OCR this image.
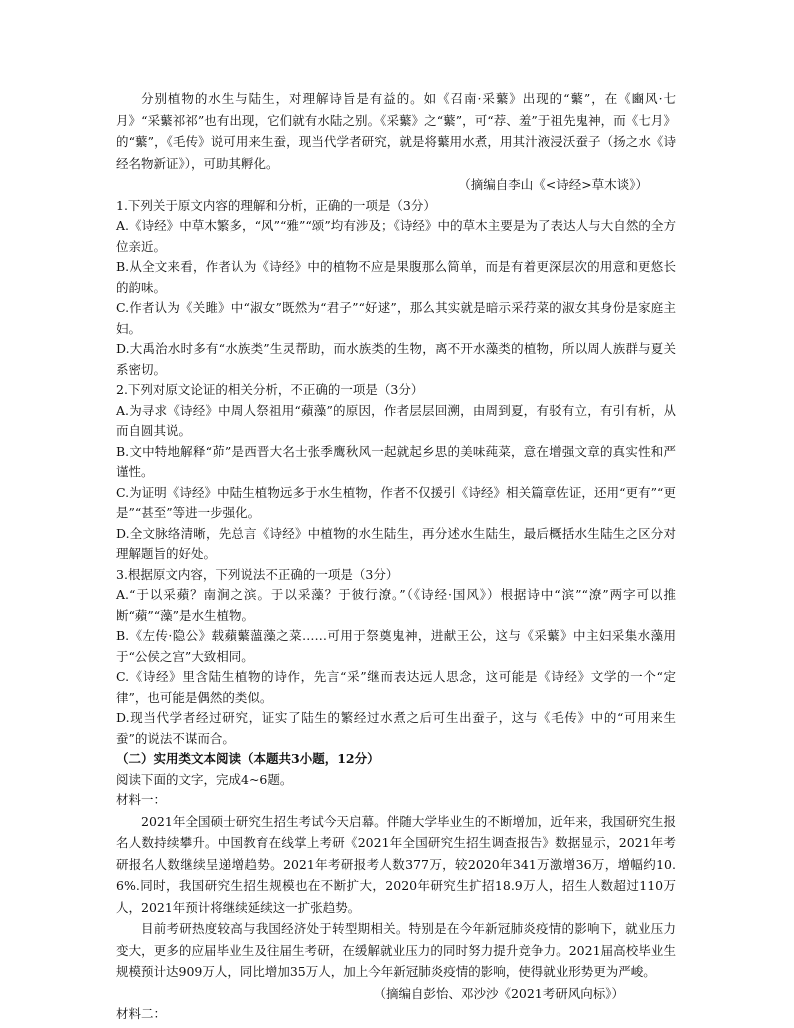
分别植物的水生与陆生，对理解诗旨是有益的。如《召南·采蘩》出现的“蘩”，在《豳风·七月》“采蘩祁祁”也有出现，它们就有水陆之别。《采蘩》之“蘩”，可“荐、羞”于祖先鬼神，而《七月》的“蘩”，《毛传》说可用来生蚕，现当代学者研究，就是将蘩用水煮，用其汁液浸沃蚕子（扬之水《诗经名物新证》），可助其孵化。

（摘编自李山《<诗经>草木谈》）

1.下列关于原文内容的理解和分析，正确的一项是（3分）

A.《诗经》中草木繁多，“风”“雅”“颂”均有涉及；《诗经》中的草木主要是为了表达人与大自然的全方位亲近。

B.从全文来看，作者认为《诗经》中的植物不应是果腹那么简单，而是有着更深层次的用意和更悠长的韵味。

C.作者认为《关雎》中“淑女”既然为“君子”“好逑”，那么其实就是暗示采荇菜的淑女其身份是家庭主妇。

D.大禹治水时多有“水族类”生灵帮助，而水族类的生物，离不开水藻类的植物，所以周人族群与夏关系密切。

2.下列对原文论证的相关分析，不正确的一项是（3分）

A.为寻求《诗经》中周人祭祖用“蘋藻”的原因，作者层层回溯，由周到夏，有驳有立，有引有析，从而自圆其说。

B.文中特地解释“茆”是西晋大名士张季鹰秋风一起就起乡思的美味莼菜，意在增强文章的真实性和严谨性。

C.为证明《诗经》中陆生植物远多于水生植物，作者不仅援引《诗经》相关篇章佐证，还用“更有”“更是”“甚至”等进一步强化。

D.全文脉络清晰，先总言《诗经》中植物的水生陆生，再分述水生陆生，最后概括水生陆生之区分对理解题旨的好处。

3.根据原文内容，下列说法不正确的一项是（3分）

A.“于以采蘋？南涧之滨。于以采藻？于彼行潦。”（《诗经·国风》）根据诗中“滨”“潦”两字可以推断“蘋”“藻”是水生植物。

B.《左传·隐公》载蘋蘩薀藻之菜……可用于祭奠鬼神，进献王公，这与《采蘩》中主妇采集水藻用于“公侯之宫”大致相同。

C.《诗经》里含陆生植物的诗作，先言“采”继而表达远人思念，这可能是《诗经》文学的一个“定律”，也可能是偶然的类似。

D.现当代学者经过研究，证实了陆生的繁经过水煮之后可生出蚕子，这与《毛传》中的“可用来生蚕”的说法不谋而合。

（二）实用类文本阅读（本题共3小题，12分）

阅读下面的文字，完成4~6题。

材料一：

2021年全国硕士研究生招生考试今天启幕。伴随大学毕业生的不断增加，近年来，我国研究生报名人数持续攀升。中国教育在线掌上考研《2021年全国研究生招生调查报告》数据显示，2021年考研报名人数继续呈递增趋势。2021年考研报考人数377万，较2020年341万激增36万，增幅约10.6%.同时，我国研究生招生规模也在不断扩大，2020年研究生扩招18.9万人，招生人数超过110万人，2021年预计将继续延续这一扩张趋势。

目前考研热度较高与我国经济处于转型期相关。特别是在今年新冠肺炎疫情的影响下，就业压力变大，更多的应届毕业生及往届生考研，在缓解就业压力的同时努力提升竞争力。2021届高校毕业生规模预计达909万人，同比增加35万人，加上今年新冠肺炎疫情的影响，使得就业形势更为严峻。

（摘编自彭怡、邓沙沙《2021考研风向标》）

材料二：
